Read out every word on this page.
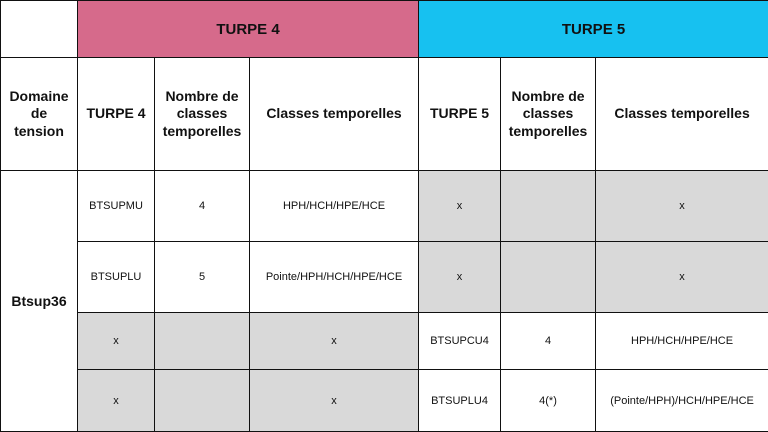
	TURPE 4			TURPE 5		
Domaine de tension	TURPE 4	Nombre de classes temporelles	Classes temporelles	TURPE 5	Nombre de classes temporelles	Classes temporelles
Btsup36	BTSUPMU	4	HPH/HCH/HPE/HCE	x		x
	BTSUPLU	5	Pointe/HPH/HCH/HPE/HCE	x		x
	x		x	BTSUPCU4	4	HPH/HCH/HPE/HCE
	x		x	BTSUPLU4	4(*)	(Pointe/HPH)/HCH/HPE/HCE
